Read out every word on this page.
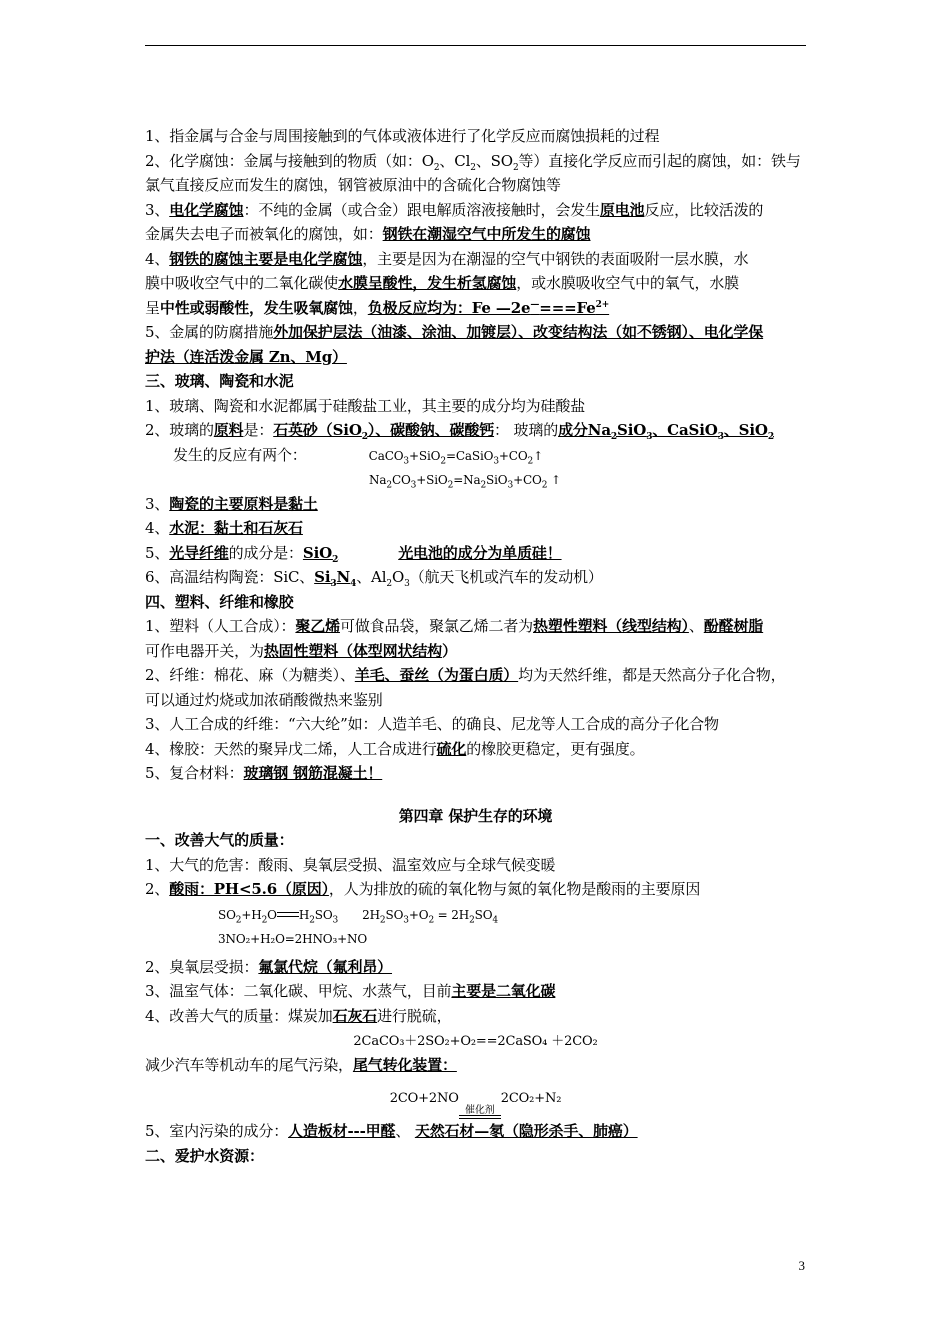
1、指金属与合金与周围接触到的气体或液体进行了化学反应而腐蚀损耗的过程
2、化学腐蚀：金属与接触到的物质（如：$O_2$、$Cl_2$、$SO_2$等）直接化学反应而引起的腐蚀，如：铁与
氯气直接反应而发生的腐蚀，钢管被原油中的含硫化合物腐蚀等
3、电化学腐蚀：不纯的金属（或合金）跟电解质溶液接触时，会发生原电池反应，比较活泼的
金属失去电子而被氧化的腐蚀，如：钢铁在潮湿空气中所发生的腐蚀
4、钢铁的腐蚀主要是电化学腐蚀，主要是因为在潮湿的空气中钢铁的表面吸附一层水膜，水
膜中吸收空气中的二氧化碳使水膜呈酸性，发生析氢腐蚀，或水膜吸收空气中的氧气，水膜
呈中性或弱酸性，发生吸氧腐蚀，负极反应均为：Fe $—2e^—===Fe^{2+}$
5、金属的防腐措施外加保护层法（油漆、涂油、加镀层）、改变结构法（如不锈钢）、电化学保
护法（连活泼金属 Zn、Mg）
三、玻璃、陶瓷和水泥
1、玻璃、陶瓷和水泥都属于硅酸盐工业，其主要的成分均为硅酸盐
2、玻璃的原料是：石英砂（SiO$_2$）、碳酸钠、碳酸钙： 玻璃的成分$Na_2SiO_3$、CaSiO$_3$、SiO$_2$
发生的反应有两个：	$CaCO_3+SiO_2=CaSiO_3+CO_2↑$
$Na_2CO_3+SiO_2=Na_2SiO_3+CO_2$ ↑
3、陶瓷的主要原料是黏土
4、水泥：黏土和石灰石
5、光导纤维的成分是：SiO$_2$	光电池的成分为单质硅！
6、高温结构陶瓷：SiC、$Si_3N_4$、$Al_2O_3$（航天飞机或汽车的发动机）
四、塑料、纤维和橡胶
1、塑料（人工合成）：聚乙烯可做食品袋，聚氯乙烯二者为热塑性塑料（线型结构）、酚醛树脂
可作电器开关，为热固性塑料（体型网状结构）
2、纤维：棉花、麻（为糖类）、羊毛、蚕丝（为蛋白质）均为天然纤维，都是天然高分子化合物，
可以通过灼烧或加浓硝酸微热来鉴别
3、人工合成的纤维：“六大纶”如：人造羊毛、的确良、尼龙等人工合成的高分子化合物
4、橡胶：天然的聚异戊二烯，人工合成进行硫化的橡胶更稳定，更有强度。
5、复合材料：玻璃钢 钢筋混凝土！
第四章 保护生存的环境
一、改善大气的质量：
1、大气的危害：酸雨、臭氧层受损、温室效应与全球气候变暖
2、酸雨：PH<5.6（原因），人为排放的硫的氧化物与氮的氧化物是酸雨的主要原因
$SO_2+H_2O$ $H_2SO_3$ $2H_2SO_3+O_2 = 2H_2SO_4$
3NO₂+H₂O=2HNO₃+NO
2、臭氧层受损：氟氯代烷（氟利昂）
3、温室气体：二氧化碳、甲烷、水蒸气，目前主要是二氧化碳
4、改善大气的质量：煤炭加石灰石进行脱硫，
2CaCO₃＋2SO₂+O₂==2CaSO₄ ＋2CO₂
减少汽车等机动车的尾气污染，尾气转化装置：
2CO+2NO
催化剂
2CO₂+N₂
5、室内污染的成分：人造板材---甲醛、 天然石材—氡（隐形杀手、肺癌）
二、爱护水资源：
3
